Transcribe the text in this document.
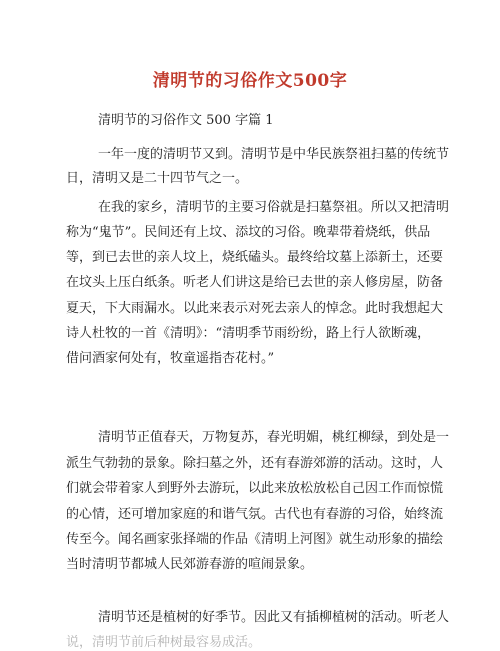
清明节的习俗作文500字
清明节的习俗作文 500 字篇 1
一年一度的清明节又到。清明节是中华民族祭祖扫墓的传统节
日，清明又是二十四节气之一。
在我的家乡，清明节的主要习俗就是扫墓祭祖。所以又把清明
称为“鬼节”。民间还有上坟、添坟的习俗。晚辈带着烧纸，供品
等，到已去世的亲人坟上，烧纸磕头。最终给坟墓上添新土，还要
在坟头上压白纸条。听老人们讲这是给已去世的亲人修房屋，防备
夏天，下大雨漏水。以此来表示对死去亲人的悼念。此时我想起大
诗人杜牧的一首《清明》：“清明季节雨纷纷，路上行人欲断魂，
借问酒家何处有，牧童遥指杏花村。”
清明节正值春天，万物复苏，春光明媚，桃红柳绿，到处是一
派生气勃勃的景象。除扫墓之外，还有春游郊游的活动。这时，人
们就会带着家人到野外去游玩，以此来放松放松自己因工作而惊慌
的心情，还可增加家庭的和谐气氛。古代也有春游的习俗，始终流
传至今。闻名画家张择端的作品《清明上河图》就生动形象的描绘
当时清明节都城人民郊游春游的喧闹景象。
清明节还是植树的好季节。因此又有插柳植树的活动。听老人
说，清明节前后种树最容易成活。
